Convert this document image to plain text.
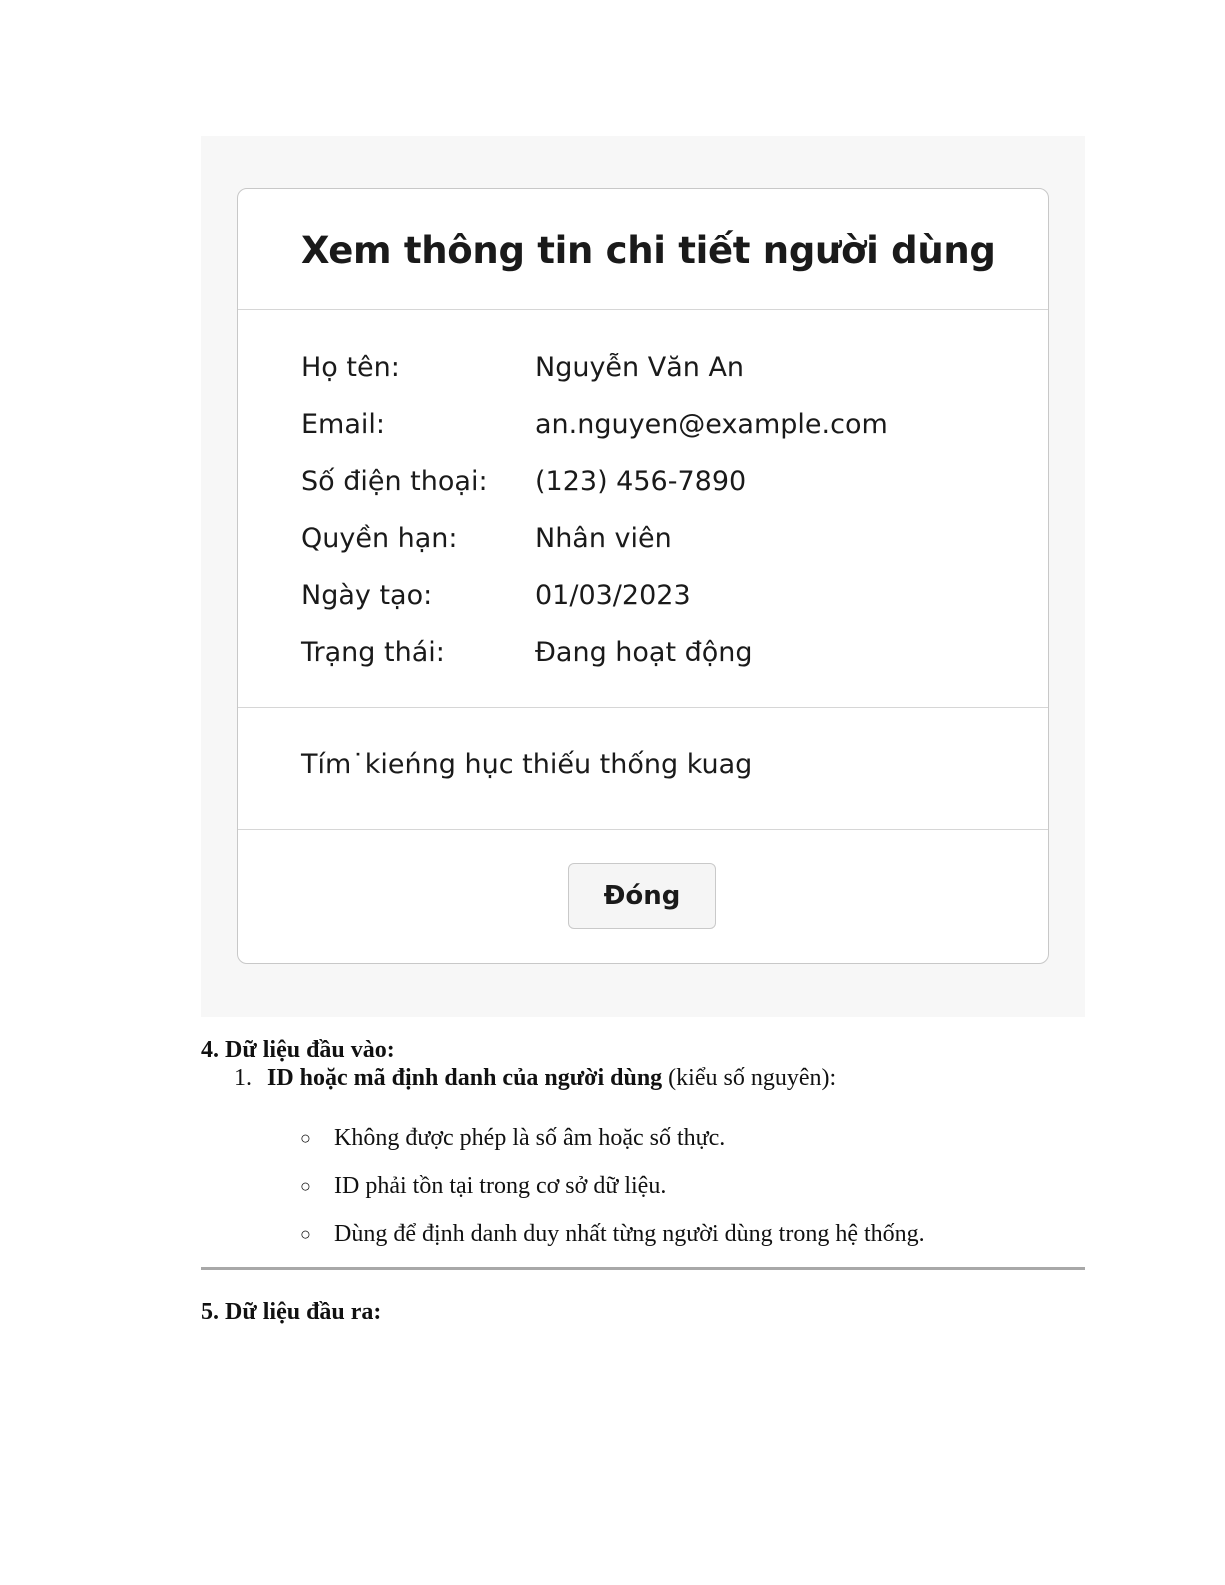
Xem thông tin chi tiết người dùng
Họ tên:	Nguyễn Văn An
Email:	an.nguyen@example.com
Số điện thoại:	(123) 456-7890
Quyền hạn:	Nhân viên
Ngày tạo:	01/03/2023
Trạng thái:	Đang hoạt động
Tím˙kieńng hục thiếu thống kuag
Đóng
4. Dữ liệu đầu vào:
1. ID hoặc mã định danh của người dùng (kiểu số nguyên):
○ Không được phép là số âm hoặc số thực.
○ ID phải tồn tại trong cơ sở dữ liệu.
○ Dùng để định danh duy nhất từng người dùng trong hệ thống.
5. Dữ liệu đầu ra:
